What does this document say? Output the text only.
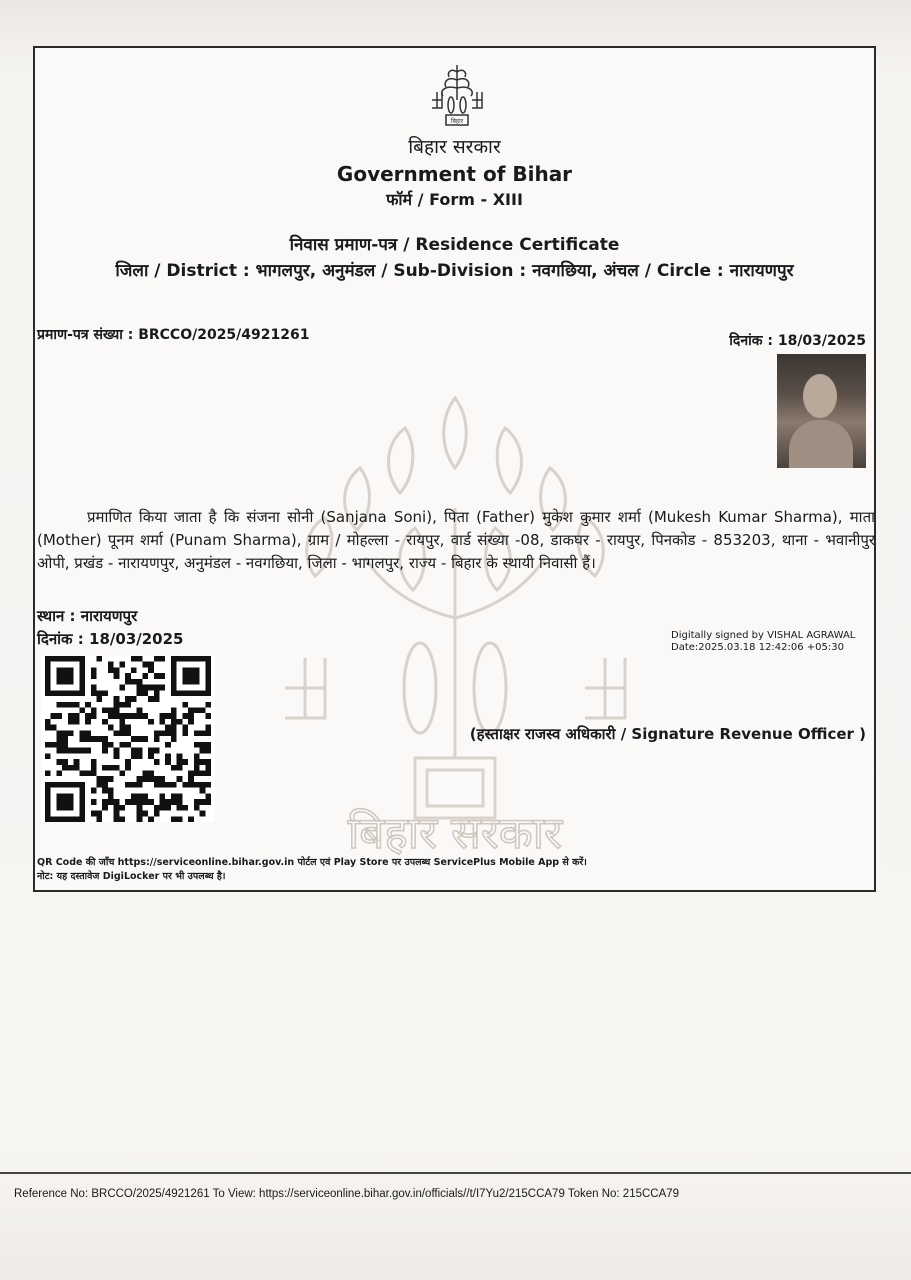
बिहार सरकार
बिहार
बिहार सरकार
Government of Bihar
फॉर्म / Form - XIII
निवास प्रमाण-पत्र / Residence Certificate
जिला / District : भागलपुर, अनुमंडल / Sub-Division : नवगछिया, अंचल / Circle : नारायणपुर
प्रमाण-पत्र संख्या : BRCCO/2025/4921261	दिनांक : 18/03/2025
प्रमाणित किया जाता है कि संजना सोनी (Sanjana Soni), पिता (Father) मुकेश कुमार शर्मा (Mukesh Kumar Sharma), माता (Mother) पूनम शर्मा (Punam Sharma), ग्राम / मोहल्ला - रायपुर, वार्ड संख्या -08, डाकघर - रायपुर, पिनकोड - 853203, थाना - भवानीपुर ओपी, प्रखंड - नारायणपुर, अनुमंडल - नवगछिया, जिला - भागलपुर, राज्य - बिहार के स्थायी निवासी हैं।
स्थान : नारायणपुर
दिनांक : 18/03/2025	Digitally signed by VISHAL AGRAWAL
Date:2025.03.18 12:42:06 +05:30
(हस्ताक्षर राजस्व अधिकारी / Signature Revenue Officer )
QR Code की जाँच https://serviceonline.bihar.gov.in पोर्टल एवं Play Store पर उपलब्ध ServicePlus Mobile App से करें।
नोट: यह दस्तावेज DigiLocker पर भी उपलब्ध है।
Reference No: BRCCO/2025/4921261 To View: https://serviceonline.bihar.gov.in/officials//t/I7Yu2/215CCA79 Token No: 215CCA79
